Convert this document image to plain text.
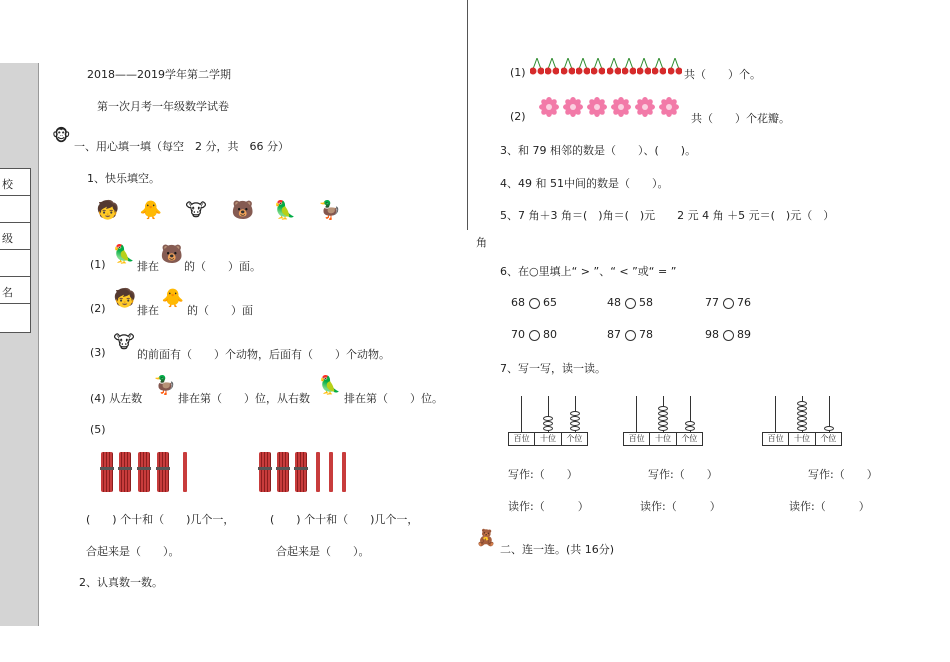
校
级
名
2018——2019学年第二学期
第一次月考一年级数学试卷
🐵
一、用心填一填（每空　2 分，共　66 分）
1、快乐填空。
🧒 🐥 🐮 🐻 🦜 🦆
(1) 🦜
排在
🐻
的（　　）面。
(2) 🧒
排在
🐥
的（　　）面
(3) 🐮
的前面有（　　）个动物，后面有（　　）个动物。
(4) 从左数
🦆
排在第（　　）位，从右数
🦜
排在第（　　）位。
(5)
(　　) 个十和（　　)几个一，	(　　) 个十和（　　)几个一，
合起来是（　　）。	合起来是（　　）。
2、认真数一数。
(1)	共（　　）个。
(2)	共（　　）个花瓣。
3、和 79 相邻的数是（　　）、(　　)。
4、49 和 51中间的数是（　　）。
5、7 角＋3 角＝(　)角＝(　)元　　2 元 4 角 ＋5 元＝(　)元（　）
角
6、在○里填上“ > ”、“ < ”或“ = ”
68 65	48 58	77 76
70 80	87 78	98 89
7、写一写，读一读。
百位	十位	个位	百位	十位	个位	百位	十位	个位
写作:（　　）	写作:（　　）	写作:（　　）
读作:（　　　）	读作:（　　　）	读作:（　　　）
🧸
二、连一连。(共 16分)
